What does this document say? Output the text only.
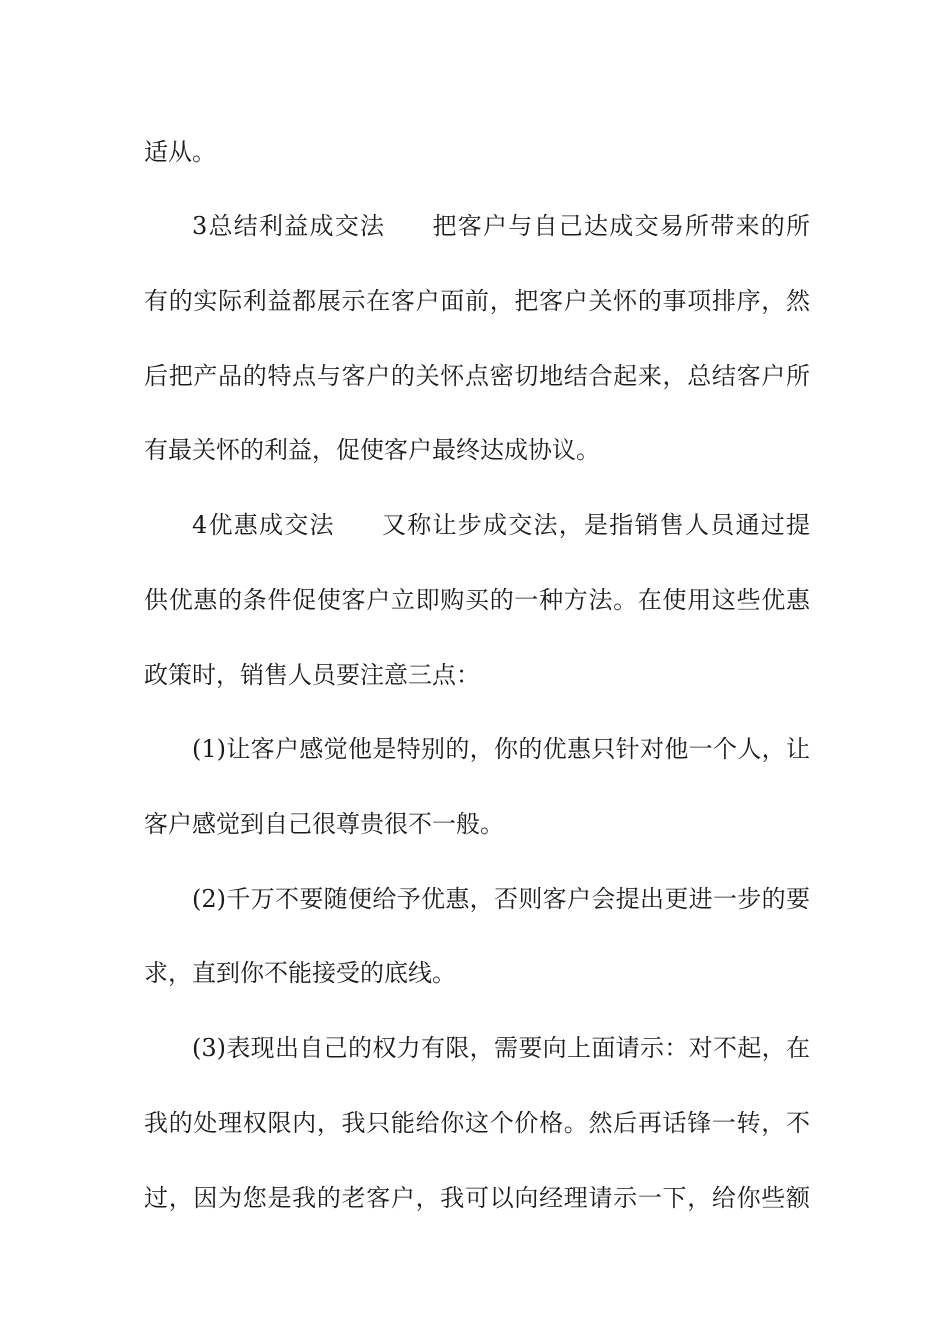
适从。
3总结利益成交法 把客户与自己达成交易所带来的所
有的实际利益都展示在客户面前，把客户关怀的事项排序，然
后把产品的特点与客户的关怀点密切地结合起来，总结客户所
有最关怀的利益，促使客户最终达成协议。
4优惠成交法 又称让步成交法，是指销售人员通过提
供优惠的条件促使客户立即购买的一种方法。在使用这些优惠
政策时，销售人员要注意三点：
(1)让客户感觉他是特别的，你的优惠只针对他一个人，让
客户感觉到自己很尊贵很不一般。
(2)千万不要随便给予优惠，否则客户会提出更进一步的要
求，直到你不能接受的底线。
(3)表现出自己的权力有限，需要向上面请示：对不起，在
我的处理权限内，我只能给你这个价格。然后再话锋一转，不
过，因为您是我的老客户，我可以向经理请示一下，给你些额
